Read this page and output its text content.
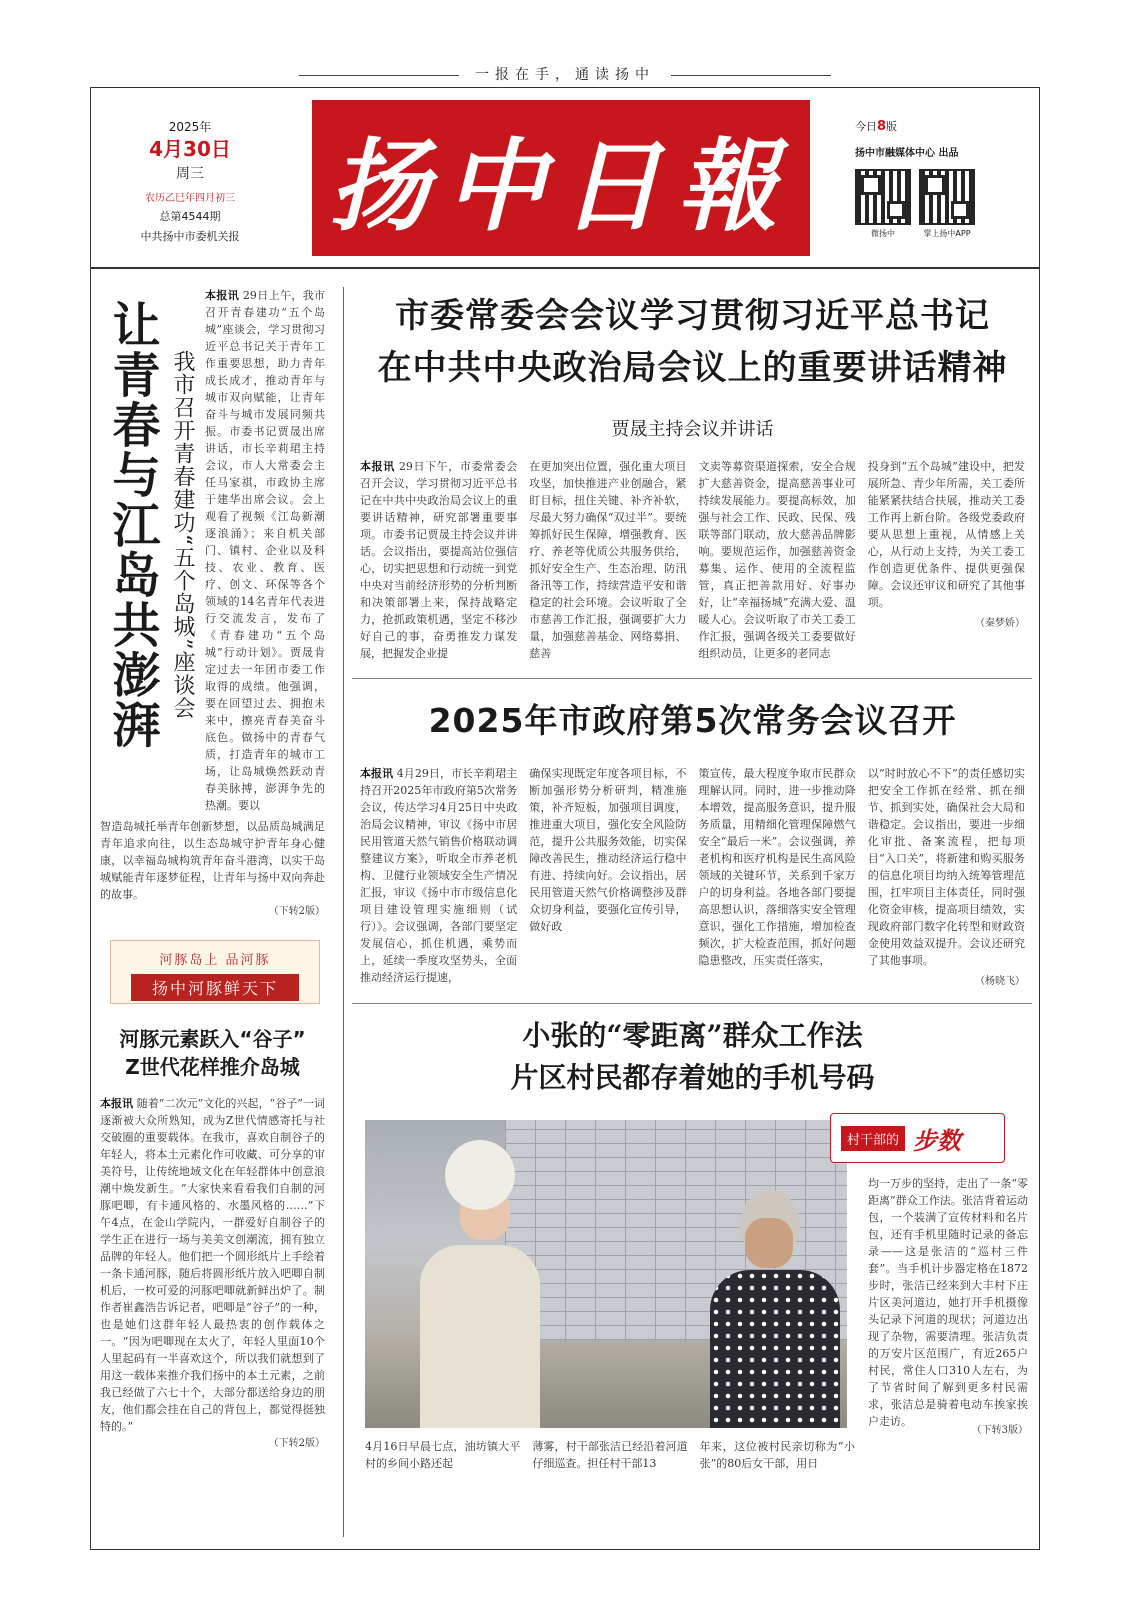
一报在手，通读扬中
2025年
4月30日
周三
农历乙巳年四月初三
总第4544期
中共扬中市委机关报 扬中日報
今日8版
扬中市融媒体中心 出品
微扬中	掌上扬中APP
让青春与江岛共澎湃 我市召开青春建功“五个岛城”座谈会
本报讯 29日上午，我市召开青春建功“五个岛城”座谈会，学习贯彻习近平总书记关于青年工作重要思想，助力青年成长成才，推动青年与城市双向赋能，让青年奋斗与城市发展同频共振。市委书记贾晟出席讲话，市长辛莉珺主持会议，市人大常委会主任马家祺，市政协主席于建华出席会议。会上观看了视频《江岛新潮逐浪涌》；来自机关部门、镇村、企业以及科技、农业、教育、医疗、创文、环保等各个领域的14名青年代表进行交流发言，发布了《青春建功“五个岛城”行动计划》。贾晟肯定过去一年团市委工作取得的成绩。他强调，要在回望过去、拥抱未来中，擦亮青春美奋斗底色。做扬中的青春气质，打造青年的城市工场，让岛城焕然跃动青春美脉搏，澎湃争先的热潮。要以
智造岛城托举青年创新梦想，以品质岛城满足青年追求向往，以生态岛城守护青年身心健康，以幸福岛城构筑青年奋斗港湾，以实干岛城赋能青年逐梦征程，让青年与扬中双向奔赴的故事。
（下转2版）
河豚岛上 品河豚
扬中河豚鲜天下
河豚元素跃入“谷子”
Z世代花样推介岛城
本报讯 随着“二次元”文化的兴起，“谷子”一词逐渐被大众所熟知，成为Z世代情感寄托与社交破圈的重要载体。在我市，喜欢自制谷子的年轻人，将本土元素化作可收藏、可分享的审美符号，让传统地域文化在年轻群体中创意浪潮中焕发新生。“大家快来看看我们自制的河豚吧唧，有卡通风格的、水墨风格的……”下午4点，在金山学院内，一群爱好自制谷子的学生正在进行一场与美美文创潮流，拥有独立品牌的年轻人。他们把一个圆形纸片上手绘着一条卡通河豚，随后将圆形纸片放入吧唧自制机后，一枚可爱的河豚吧唧就新鲜出炉了。制作者崔鑫浩告诉记者，吧唧是“谷子”的一种，也是她们这群年轻人最热衷的创作载体之一。“因为吧唧现在太火了，年轻人里面10个人里起码有一半喜欢这个，所以我们就想到了用这一载体来推介我们扬中的本土元素，之前我已经做了六七十个，大部分都送给身边的朋友，他们都会挂在自己的背包上，都觉得挺独特的。”
（下转2版）
市委常委会会议学习贯彻习近平总书记
在中共中央政治局会议上的重要讲话精神
贾晟主持会议并讲话
本报讯 29日下午，市委常委会召开会议，学习贯彻习近平总书记在中共中央政治局会议上的重要讲话精神，研究部署重要事项。市委书记贾晟主持会议并讲话。会议指出，要提高站位强信心，切实把思想和行动统一到党中央对当前经济形势的分析判断和决策部署上来，保持战略定力，抢抓政策机遇，坚定不移沙好自己的事，奋勇推发力谋发展，把握发企业提
在更加突出位置，强化重大项目攻坚，加快推进产业创融合，紧盯目标，扭住关键、补齐补软，尽最大努力确保“双过半”。要统筹抓好民生保障，增强教育、医疗、养老等优质公共服务供给，抓好安全生产、生态治理、防汛备汛等工作，持续营造平安和谐稳定的社会环境。会议听取了全市慈善工作汇报，强调要扩大力量，加强慈善基金、网络募捐、慈善
文卖等募资渠道探索，安全合规扩大慈善资金，提高慈善事业可持续发展能力。要提高标效，加强与社会工作、民政、民保、残联等部门联动，放大慈善品牌影响。要规范运作，加强慈善资金募集、运作、使用的全流程监管，真正把善款用好、好事办好，让“幸福扬城”充满大爱、温暖人心。会议听取了市关工委工作汇报，强调各级关工委要做好组织动员，让更多的老同志
投身到“五个岛城”建设中，把发展所急、青少年所需，关工委所能紧紧扶结合扶展，推动关工委工作再上新台阶。各级党委政府要从思想上重视，从情感上关心，从行动上支持，为关工委工作创造更优条件、提供更强保障。会议还审议和研究了其他事项。
（秦梦娇）
2025年市政府第5次常务会议召开
本报讯 4月29日，市长辛莉珺主持召开2025年市政府第5次常务会议，传达学习4月25日中央政治局会议精神，审议《扬中市居民用管道天然气销售价格联动调整建议方案》，听取全市养老机构、卫健行业领域安全生产情况汇报，审议《扬中市市级信息化项目建设管理实施细则（试行）》。会议强调，各部门要坚定发展信心，抓住机遇，乘势而上，延续一季度攻坚势头，全面推动经济运行提速，
确保实现既定年度各项目标，不断加强形势分析研判，精准施策，补齐短板，加强项目调度，推进重大项目，强化安全风险防范，提升公共服务效能，切实保障改善民生，推动经济运行稳中有进、持续向好。会议指出，居民用管道天然气价格调整涉及群众切身利益，要强化宣传引导，做好政
策宣传，最大程度争取市民群众理解认同。同时，进一步推动降本增效，提高服务意识，提升服务质量，用精细化管理保障燃气安全“最后一米”。会议强调，养老机构和医疗机构是民生高风险领域的关键环节，关系到千家万户的切身利益。各地各部门要提高思想认识，落细落实安全管理意识，强化工作措施，增加检查频次，扩大检查范围，抓好问题隐患整改，压实责任落实，
以“时时放心不下”的责任感切实把安全工作抓在经常、抓在细节、抓到实处，确保社会大局和谐稳定。会议指出，要进一步细化审批、备案流程，把每项目“入口关”，将新建和购买服务的信息化项目均纳入统筹管理范围，扛牢项目主体责任，同时强化资金审核，提高项目绩效，实现政府部门数字化转型和财政资金使用效益双提升。会议还研究了其他事项。
（杨晓飞）
小张的“零距离”群众工作法
片区村民都存着她的手机号码
村干部的 步数
均一万步的坚持，走出了一条“零距离”群众工作法。张洁背着运动包，一个装满了宣传材料和名片包，还有手机里随时记录的备忘录——这是张洁的“巡村三件套”。当手机计步器定格在1872步时，张洁已经来到大丰村下庄片区美河道边，她打开手机摄像头记录下河道的现状；河道边出现了杂物，需要清理。张洁负责的万安片区范围广，有近265户村民，常住人口310人左右，为了节省时间了解到更多村民需求，张洁总是骑着电动车挨家挨户走访。
4月16日早晨七点，油坊镇大平村的乡间小路还起
薄雾，村干部张洁已经沿着河道仔细巡查。担任村干部13
年来，这位被村民亲切称为“小张”的80后女干部，用日
（下转3版）
